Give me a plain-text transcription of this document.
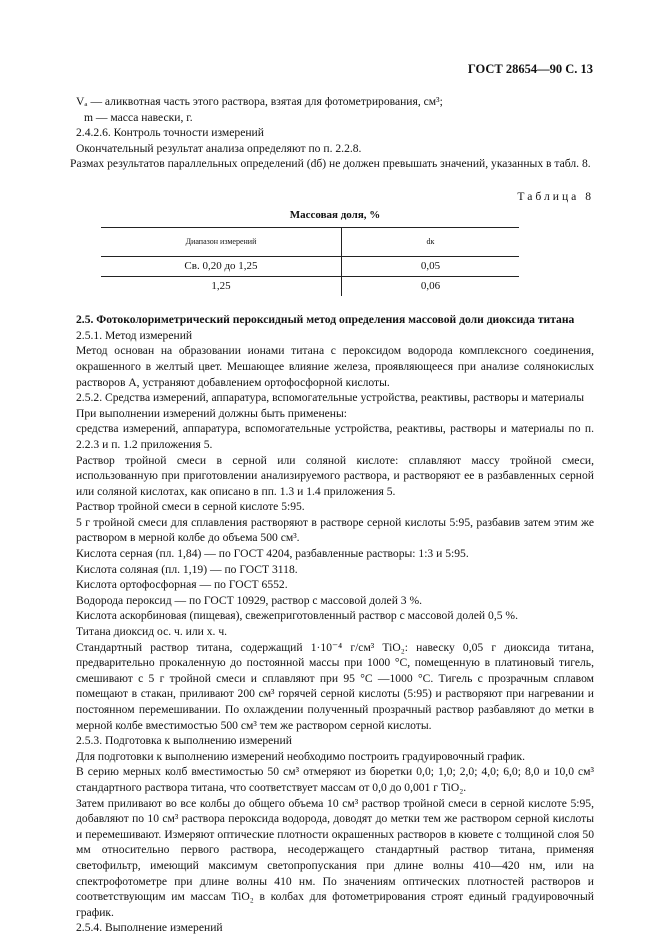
ГОСТ 28654—90 С. 13

Vₐ — аликвотная часть этого раствора, взятая для фотометрирования, см³;

m — масса навески, г.

2.4.2.6. Контроль точности измерений

Окончательный результат анализа определяют по п. 2.2.8.

Размах результатов параллельных определений (dб) не должен превышать значений, указанных в табл. 8.

Таблица 8
Массовая доля, %
Диапазон измерений	dк
Св. 0,20 до 1,25	0,05
1,25	0,06

2.5. Фотоколориметрический пероксидный метод определения массовой доли диоксида титана

2.5.1. Метод измерений

Метод основан на образовании ионами титана с пероксидом водорода комплексного соединения, окрашенного в желтый цвет. Мешающее влияние железа, проявляющееся при анализе солянокислых растворов А, устраняют добавлением ортофосфорной кислоты.

2.5.2. Средства измерений, аппаратура, вспомогательные устройства, реактивы, растворы и материалы

При выполнении измерений должны быть применены:

средства измерений, аппаратура, вспомогательные устройства, реактивы, растворы и материалы по п. 2.2.3 и п. 1.2 приложения 5.

Раствор тройной смеси в серной или соляной кислоте: сплавляют массу тройной смеси, использованную при приготовлении анализируемого раствора, и растворяют ее в разбавленных серной или соляной кислотах, как описано в пп. 1.3 и 1.4 приложения 5.

Раствор тройной смеси в серной кислоте 5:95.

5 г тройной смеси для сплавления растворяют в растворе серной кислоты 5:95, разбавив затем этим же раствором в мерной колбе до объема 500 см³.

Кислота серная (пл. 1,84) — по ГОСТ 4204, разбавленные растворы: 1:3 и 5:95.

Кислота соляная (пл. 1,19) — по ГОСТ 3118.

Кислота ортофосфорная — по ГОСТ 6552.

Водорода пероксид — по ГОСТ 10929, раствор с массовой долей 3 %.

Кислота аскорбиновая (пищевая), свежеприготовленный раствор с массовой долей 0,5 %.

Титана диоксид ос. ч. или х. ч.

Стандартный раствор титана, содержащий 1·10⁻⁴ г/см³ TiO₂: навеску 0,05 г диоксида титана, предварительно прокаленную до постоянной массы при 1000 °С, помещенную в платиновый тигель, смешивают с 5 г тройной смеси и сплавляют при 95 °С —1000 °С. Тигель с прозрачным сплавом помещают в стакан, приливают 200 см³ горячей серной кислоты (5:95) и растворяют при нагревании и постоянном перемешивании. По охлаждении полученный прозрачный раствор разбавляют до метки в мерной колбе вместимостью 500 см³ тем же раствором серной кислоты.

2.5.3. Подготовка к выполнению измерений

Для подготовки к выполнению измерений необходимо построить градуировочный график.

В серию мерных колб вместимостью 50 см³ отмеряют из бюретки 0,0; 1,0; 2,0; 4,0; 6,0; 8,0 и 10,0 см³ стандартного раствора титана, что соответствует массам от 0,0 до 0,001 г TiO₂.

Затем приливают во все колбы до общего объема 10 см³ раствор тройной смеси в серной кислоте 5:95, добавляют по 10 см³ раствора пероксида водорода, доводят до метки тем же раствором серной кислоты и перемешивают. Измеряют оптические плотности окрашенных растворов в кювете с толщиной слоя 50 мм относительно первого раствора, несодержащего стандартный раствор титана, применяя светофильтр, имеющий максимум светопропускания при длине волны 410—420 нм, или на спектрофотометре при длине волны 410 нм. По значениям оптических плотностей растворов и соответствующим им массам TiO₂ в колбах для фотометрирования строят единый градуировочный график.

2.5.4. Выполнение измерений
